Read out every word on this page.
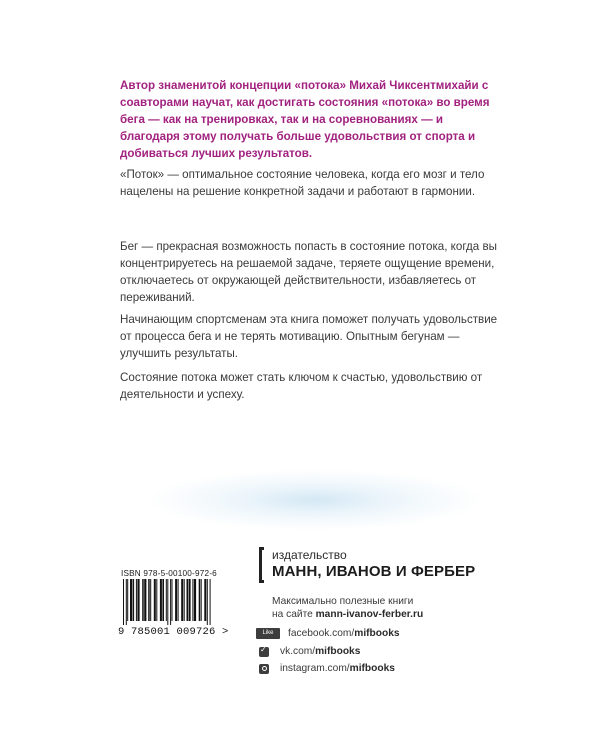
Автор знаменитой концепции «потока» Михай Чиксентмихайи с соавторами научат, как достигать состояния «потока» во время бега — как на тренировках, так и на соревнованиях — и благодаря этому получать больше удовольствия от спорта и добиваться лучших результатов.

«Поток» — оптимальное состояние человека, когда его мозг и тело нацелены на решение конкретной задачи и работают в гармонии.

Бег — прекрасная возможность попасть в состояние потока, когда вы концентрируетесь на решаемой задаче, теряете ощущение времени, отключаетесь от окружающей действительности, избавляетесь от переживаний.

Начинающим спортсменам эта книга поможет получать удовольствие от процесса бега и не терять мотивацию. Опытным бегунам — улучшить результаты.

Состояние потока может стать ключом к счастью, удовольствию от деятельности и успеху.

ISBN 978-5-00100-972-6
9 785001 009726 >

издательство

МАНН, ИВАНОВ И ФЕРБЕР

Максимально полезные книги

на сайте mann-ivanov-ferber.ru

Like	facebook.com/ mifbooks
✓
vk.com/ mifbooks
instagram.com/ mifbooks
